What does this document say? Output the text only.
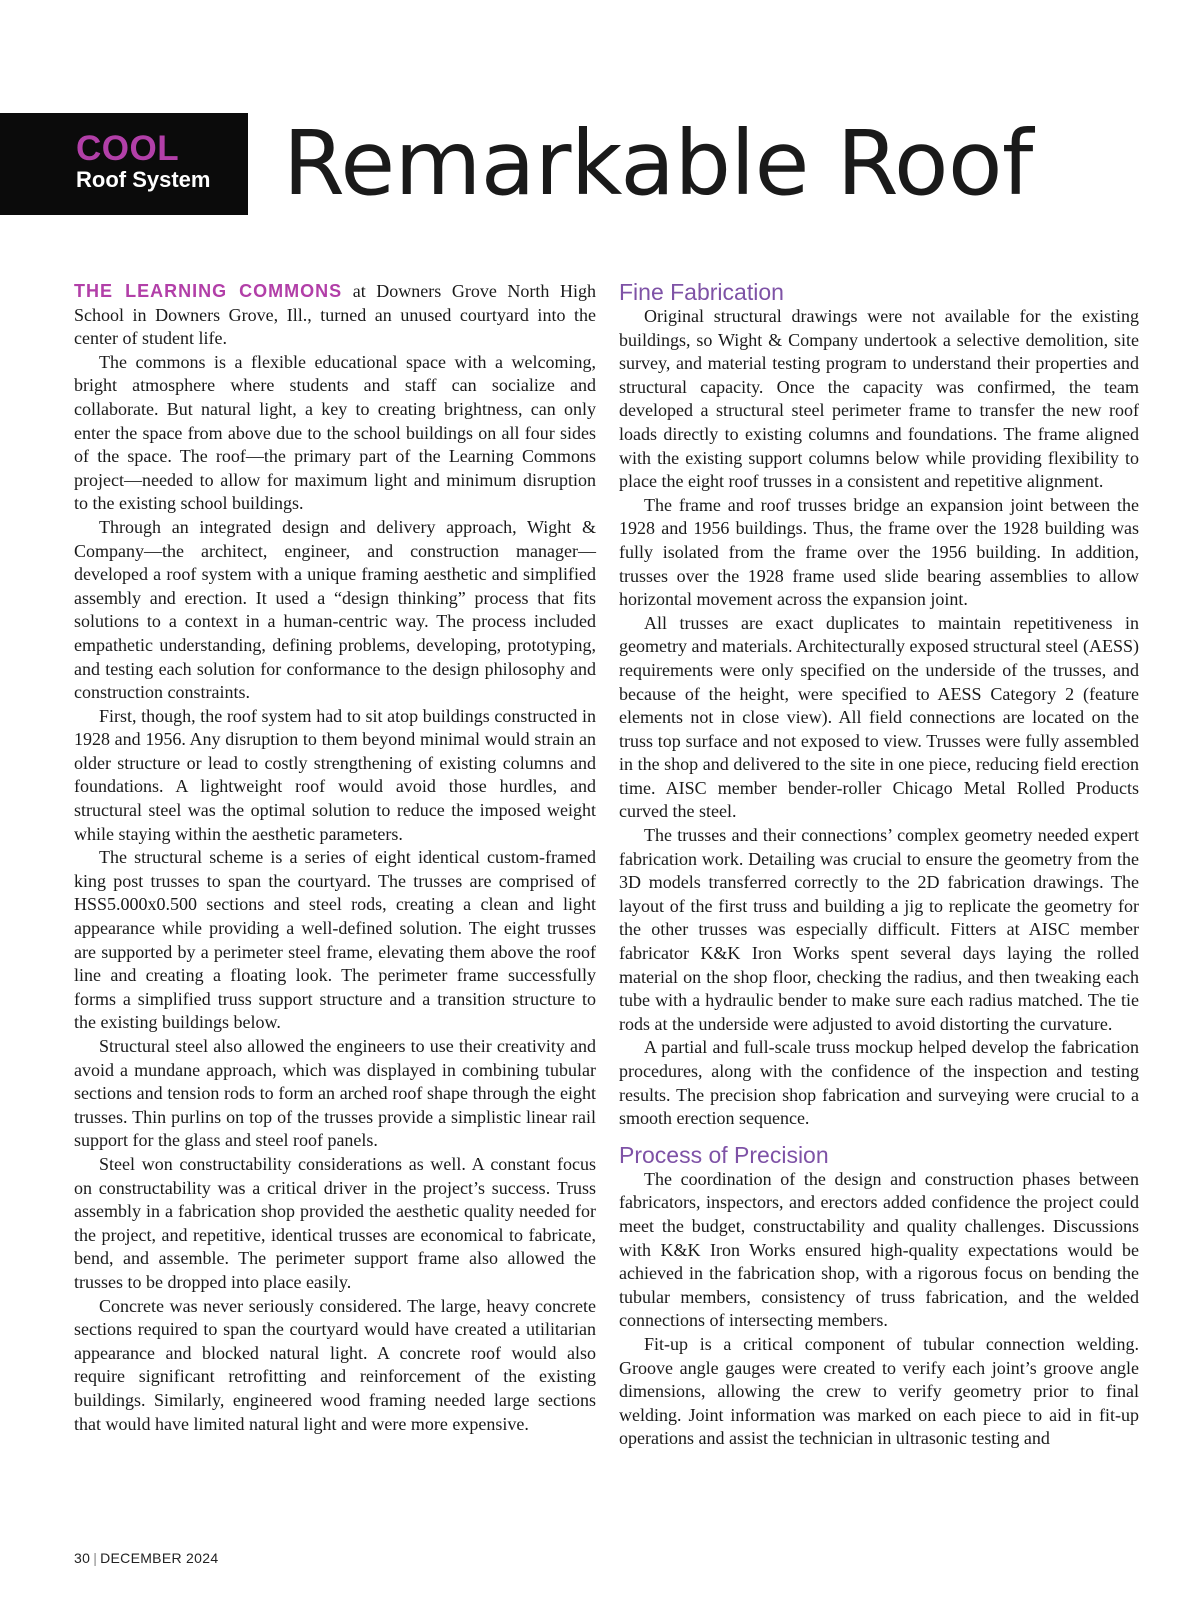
COOL
Roof System Remarkable Roof

THE LEARNING COMMONS at Downers Grove North High School in Downers Grove, Ill., turned an unused courtyard into the center of student life.

The commons is a flexible educational space with a welcoming, bright atmosphere where students and staff can socialize and collaborate. But natural light, a key to creating brightness, can only enter the space from above due to the school buildings on all four sides of the space. The roof—the primary part of the Learning Commons project—needed to allow for maximum light and minimum disruption to the existing school buildings.

Through an integrated design and delivery approach, Wight & Company—the architect, engineer, and construction manager—developed a roof system with a unique framing aesthetic and simplified assembly and erection. It used a “design thinking” process that fits solutions to a context in a human-centric way. The process included empathetic understanding, defining problems, developing, prototyping, and testing each solution for conformance to the design philosophy and construction constraints.

First, though, the roof system had to sit atop buildings constructed in 1928 and 1956. Any disruption to them beyond minimal would strain an older structure or lead to costly strengthening of existing columns and foundations. A lightweight roof would avoid those hurdles, and structural steel was the optimal solution to reduce the imposed weight while staying within the aesthetic parameters.

The structural scheme is a series of eight identical custom-framed king post trusses to span the courtyard. The trusses are comprised of HSS5.000x0.500 sections and steel rods, creating a clean and light appearance while providing a well-defined solution. The eight trusses are supported by a perimeter steel frame, elevating them above the roof line and creating a floating look. The perimeter frame successfully forms a simplified truss support structure and a transition structure to the existing buildings below.

Structural steel also allowed the engineers to use their creativity and avoid a mundane approach, which was displayed in combining tubular sections and tension rods to form an arched roof shape through the eight trusses. Thin purlins on top of the trusses provide a simplistic linear rail support for the glass and steel roof panels.

Steel won constructability considerations as well. A constant focus on constructability was a critical driver in the project’s success. Truss assembly in a fabrication shop provided the aesthetic quality needed for the project, and repetitive, identical trusses are economical to fabricate, bend, and assemble. The perimeter support frame also allowed the trusses to be dropped into place easily.

Concrete was never seriously considered. The large, heavy concrete sections required to span the courtyard would have created a utilitarian appearance and blocked natural light. A concrete roof would also require significant retrofitting and reinforcement of the existing buildings. Similarly, engineered wood framing needed large sections that would have limited natural light and were more expensive.

Fine Fabrication

Original structural drawings were not available for the existing buildings, so Wight & Company undertook a selective demolition, site survey, and material testing program to understand their properties and structural capacity. Once the capacity was confirmed, the team developed a structural steel perimeter frame to transfer the new roof loads directly to existing columns and foundations. The frame aligned with the existing support columns below while providing flexibility to place the eight roof trusses in a consistent and repetitive alignment.

The frame and roof trusses bridge an expansion joint between the 1928 and 1956 buildings. Thus, the frame over the 1928 building was fully isolated from the frame over the 1956 building. In addition, trusses over the 1928 frame used slide bearing assemblies to allow horizontal movement across the expansion joint.

All trusses are exact duplicates to maintain repetitiveness in geometry and materials. Architecturally exposed structural steel (AESS) requirements were only specified on the underside of the trusses, and because of the height, were specified to AESS Category 2 (feature elements not in close view). All field connections are located on the truss top surface and not exposed to view. Trusses were fully assembled in the shop and delivered to the site in one piece, reducing field erection time. AISC member bender-roller Chicago Metal Rolled Products curved the steel.

The trusses and their connections’ complex geometry needed expert fabrication work. Detailing was crucial to ensure the geometry from the 3D models transferred correctly to the 2D fabrication drawings. The layout of the first truss and building a jig to replicate the geometry for the other trusses was especially difficult. Fitters at AISC member fabricator K&K Iron Works spent several days laying the rolled material on the shop floor, checking the radius, and then tweaking each tube with a hydraulic bender to make sure each radius matched. The tie rods at the underside were adjusted to avoid distorting the curvature.

A partial and full-scale truss mockup helped develop the fabrication procedures, along with the confidence of the inspection and testing results. The precision shop fabrication and surveying were crucial to a smooth erection sequence.

Process of Precision

The coordination of the design and construction phases between fabricators, inspectors, and erectors added confidence the project could meet the budget, constructability and quality challenges. Discussions with K&K Iron Works ensured high-quality expectations would be achieved in the fabrication shop, with a rigorous focus on bending the tubular members, consistency of truss fabrication, and the welded connections of intersecting members.

Fit-up is a critical component of tubular connection welding. Groove angle gauges were created to verify each joint’s groove angle dimensions, allowing the crew to verify geometry prior to final welding. Joint information was marked on each piece to aid in fit-up operations and assist the technician in ultrasonic testing and

30 | DECEMBER 2024
